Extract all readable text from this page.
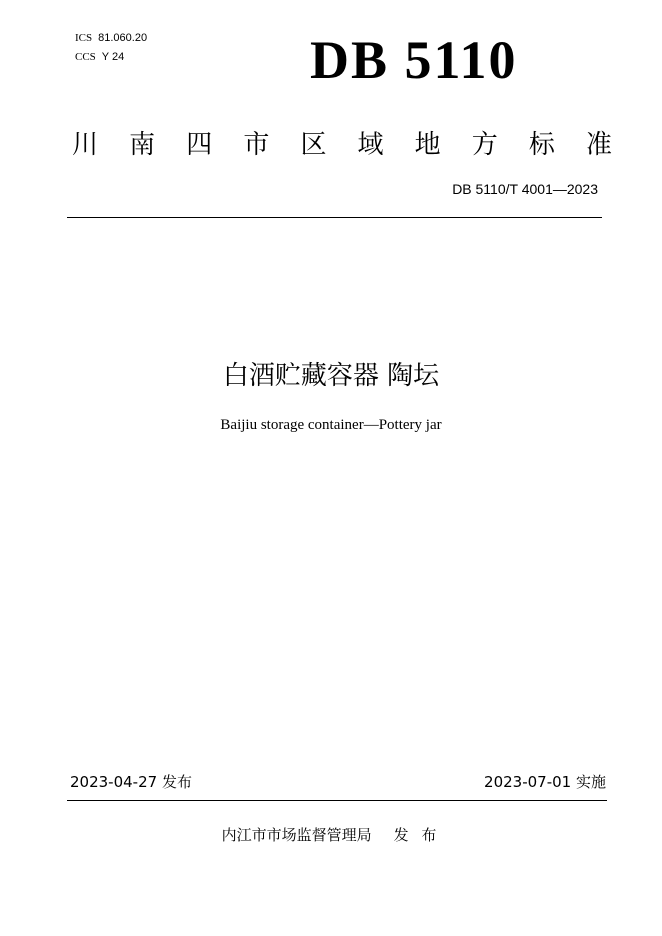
ICS 81.060.20
CCS Y 24	DB 5110
川 南 四 市 区 域 地 方 标 准
DB 5110/T 4001—2023
白酒贮藏容器 陶坛
Baijiu storage container—Pottery jar
2023-04-27 发布	2023-07-01 实施
内江市市场监督管理局 发 布
